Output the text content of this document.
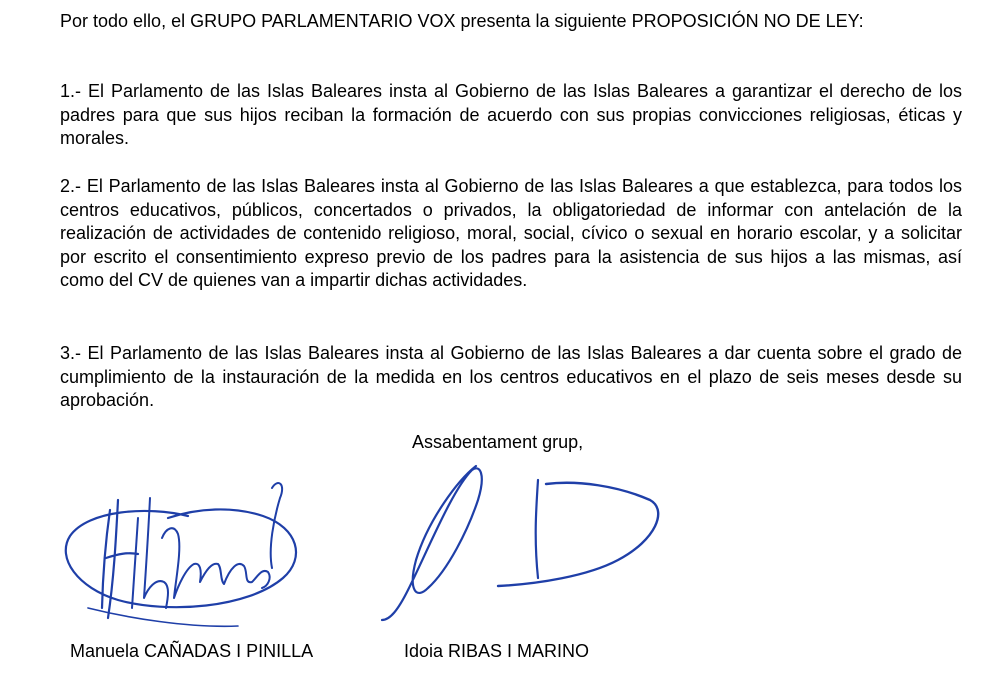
Por todo ello, el GRUPO PARLAMENTARIO VOX presenta la siguiente PROPOSICIÓN NO DE LEY:

1.- El Parlamento de las Islas Baleares insta al Gobierno de las Islas Baleares a garantizar el derecho de los padres para que sus hijos reciban la formación de acuerdo con sus propias convicciones religiosas, éticas y morales.

2.- El Parlamento de las Islas Baleares insta al Gobierno de las Islas Baleares a que establezca, para todos los centros educativos, públicos, concertados o privados, la obligatoriedad de informar con antelación de la realización de actividades de contenido religioso, moral, social, cívico o sexual en horario escolar, y a solicitar por escrito el consentimiento expreso previo de los padres para la asistencia de sus hijos a las mismas, así como del CV de quienes van a impartir dichas actividades.

3.- El Parlamento de las Islas Baleares insta al Gobierno de las Islas Baleares a dar cuenta sobre el grado de cumplimiento de la instauración de la medida en los centros educativos en el plazo de seis meses desde su aprobación.

Assabentament grup,
Manuela CAÑADAS I PINILLA	Idoia RIBAS I MARINO
